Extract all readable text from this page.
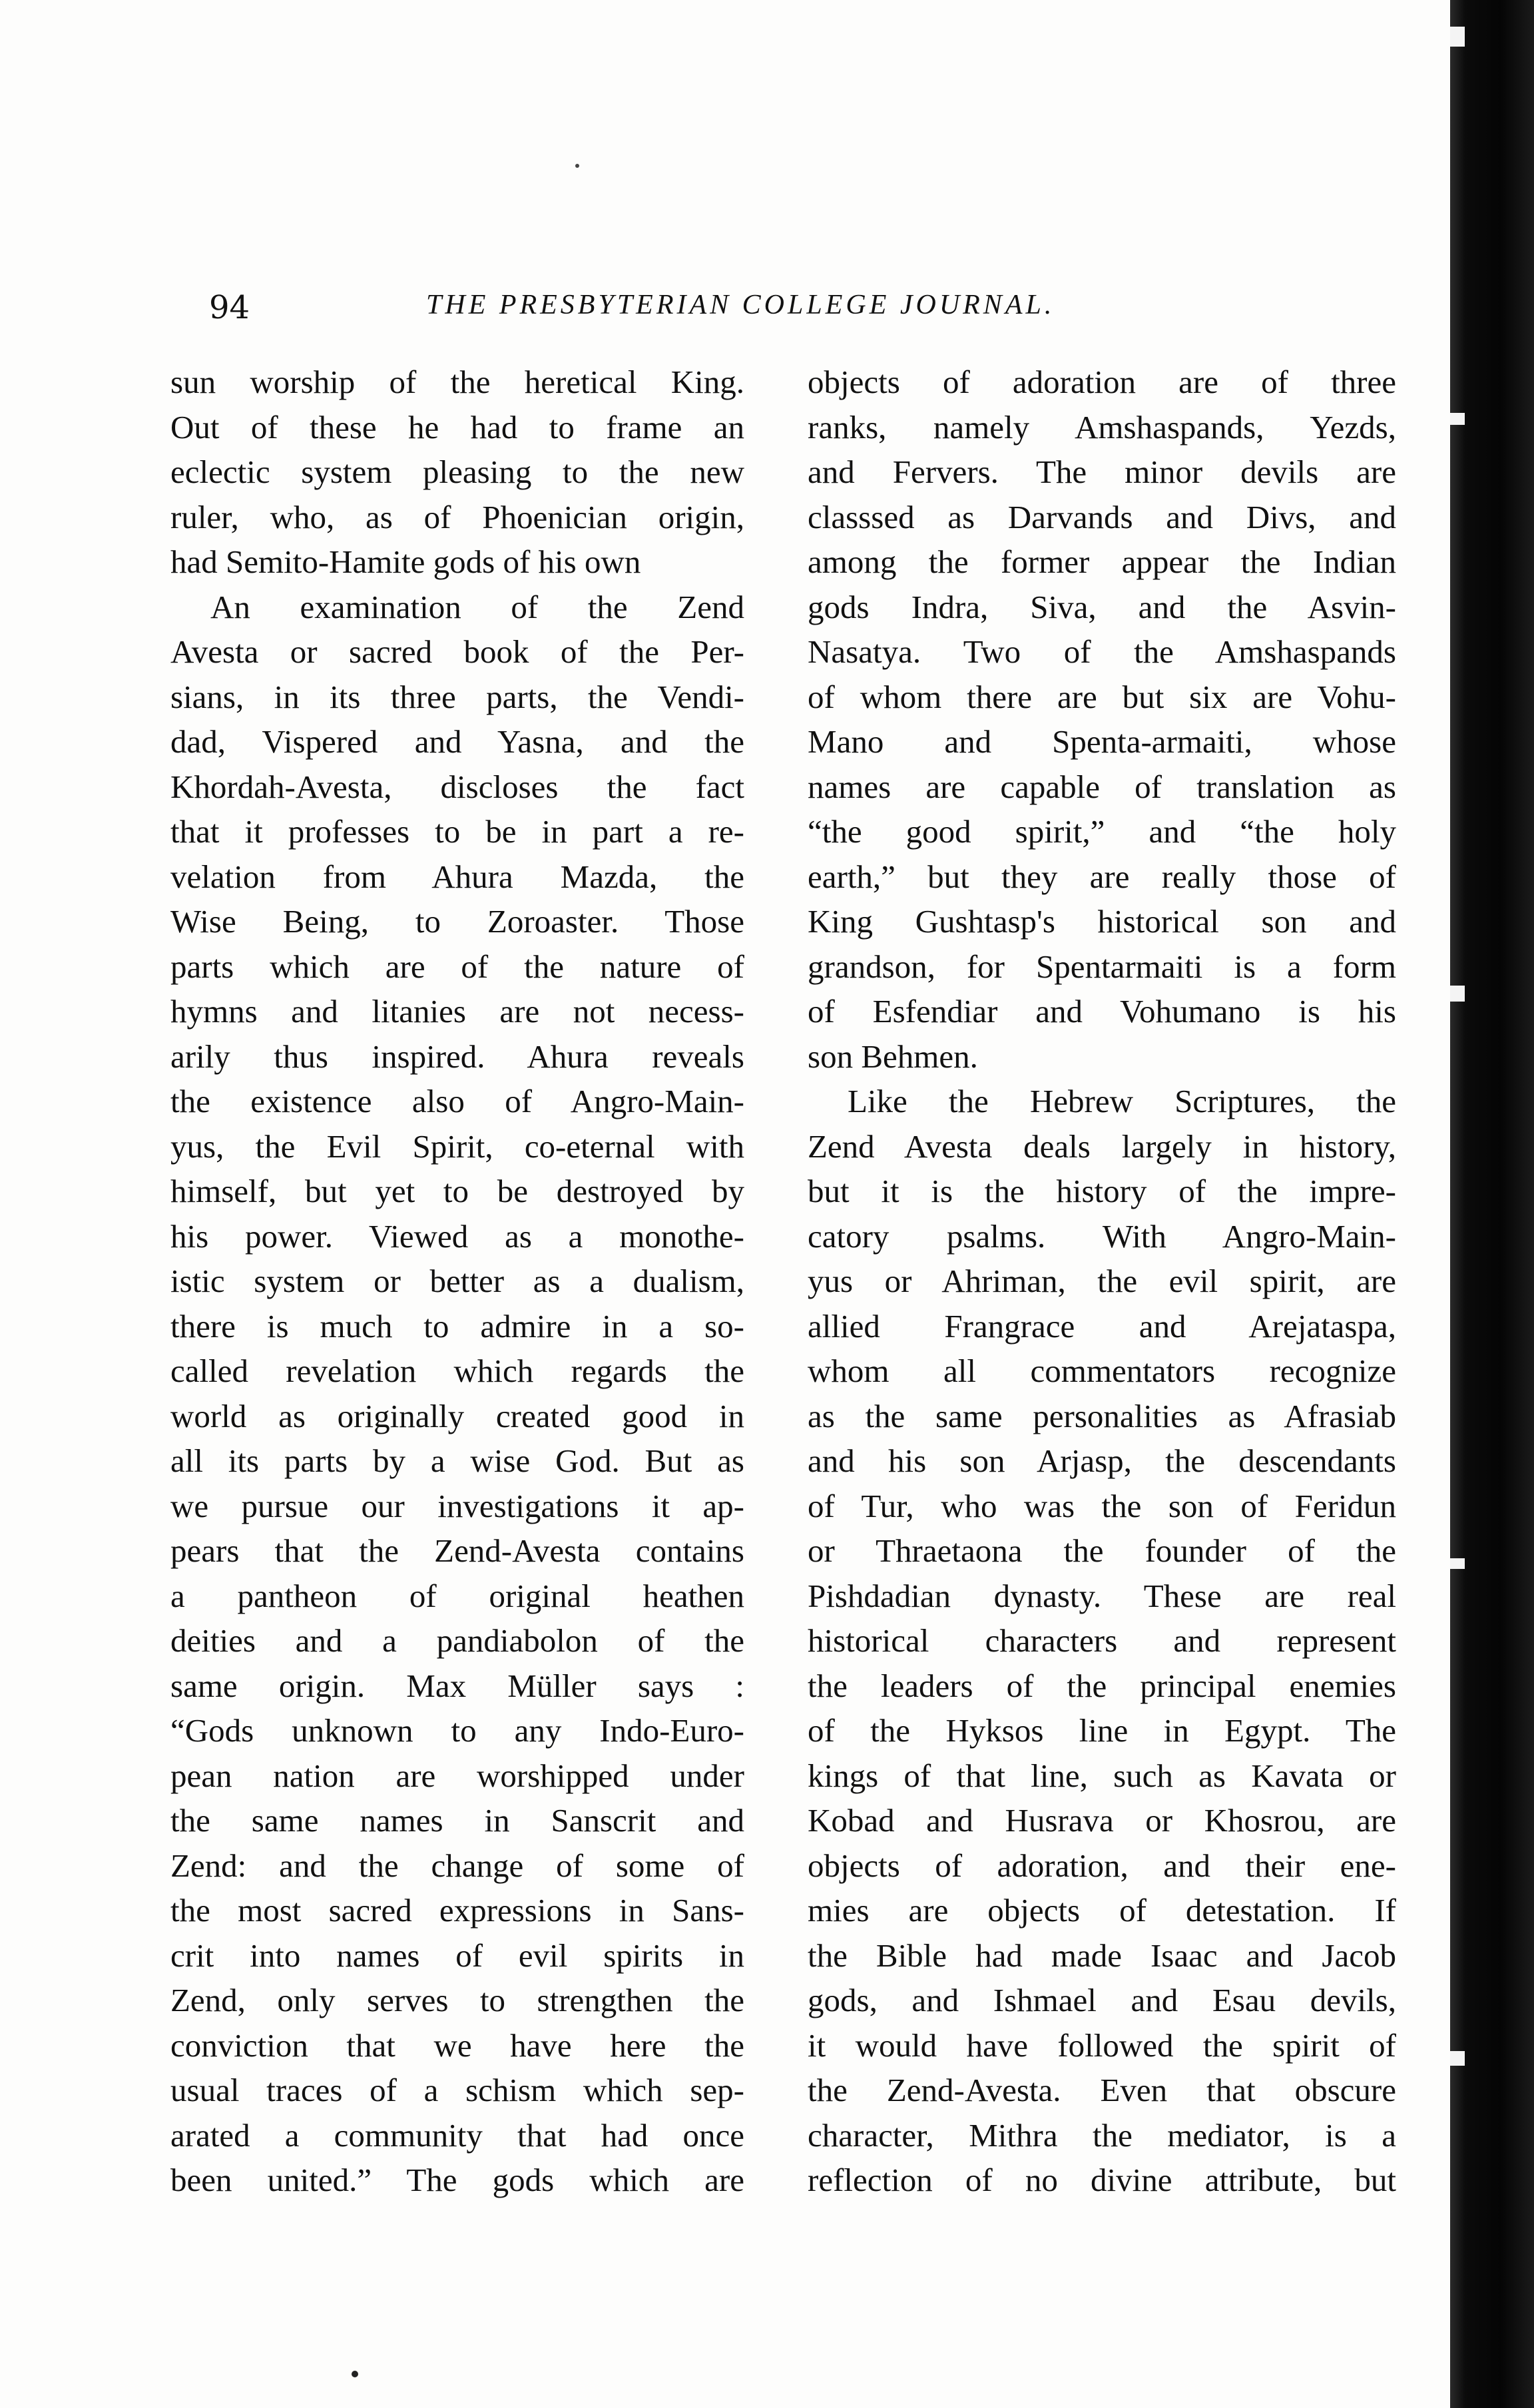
94	THE PRESBYTERIAN COLLEGE JOURNAL.
sun worship of the heretical King.
Out of these he had to frame an
eclectic system pleasing to the new
ruler, who, as of Phoenician origin,
had Semito-Hamite gods of his own
An examination of the Zend
Avesta or sacred book of the Per-
sians, in its three parts, the Vendi-
dad, Vispered and Yasna, and the
Khordah-Avesta, discloses the fact
that it professes to be in part a re-
velation from Ahura Mazda, the
Wise Being, to Zoroaster. Those
parts which are of the nature of
hymns and litanies are not necess-
arily thus inspired. Ahura reveals
the existence also of Angro-Main-
yus, the Evil Spirit, co-eternal with
himself, but yet to be destroyed by
his power. Viewed as a monothe-
istic system or better as a dualism,
there is much to admire in a so-
called revelation which regards the
world as originally created good in
all its parts by a wise God. But as
we pursue our investigations it ap-
pears that the Zend-Avesta contains
a pantheon of original heathen
deities and a pandiabolon of the
same origin. Max Müller says :
“Gods unknown to any Indo-Euro-
pean nation are worshipped under
the same names in Sanscrit and
Zend: and the change of some of
the most sacred expressions in Sans-
crit into names of evil spirits in
Zend, only serves to strengthen the
conviction that we have here the
usual traces of a schism which sep-
arated a community that had once
been united.” The gods which are
objects of adoration are of three
ranks, namely Amshaspands, Yezds,
and Fervers. The minor devils are
classsed as Darvands and Divs, and
among the former appear the Indian
gods Indra, Siva, and the Asvin-
Nasatya. Two of the Amshaspands
of whom there are but six are Vohu-
Mano and Spenta-armaiti, whose
names are capable of translation as
“the good spirit,” and “the holy
earth,” but they are really those of
King Gushtasp's historical son and
grandson, for Spentarmaiti is a form
of Esfendiar and Vohumano is his
son Behmen.
Like the Hebrew Scriptures, the
Zend Avesta deals largely in history,
but it is the history of the impre-
catory psalms. With Angro-Main-
yus or Ahriman, the evil spirit, are
allied Frangrace and Arejataspa,
whom all commentators recognize
as the same personalities as Afrasiab
and his son Arjasp, the descendants
of Tur, who was the son of Feridun
or Thraetaona the founder of the
Pishdadian dynasty. These are real
historical characters and represent
the leaders of the principal enemies
of the Hyksos line in Egypt. The
kings of that line, such as Kavata or
Kobad and Husrava or Khosrou, are
objects of adoration, and their ene-
mies are objects of detestation. If
the Bible had made Isaac and Jacob
gods, and Ishmael and Esau devils,
it would have followed the spirit of
the Zend-Avesta. Even that obscure
character, Mithra the mediator, is a
reflection of no divine attribute, but
